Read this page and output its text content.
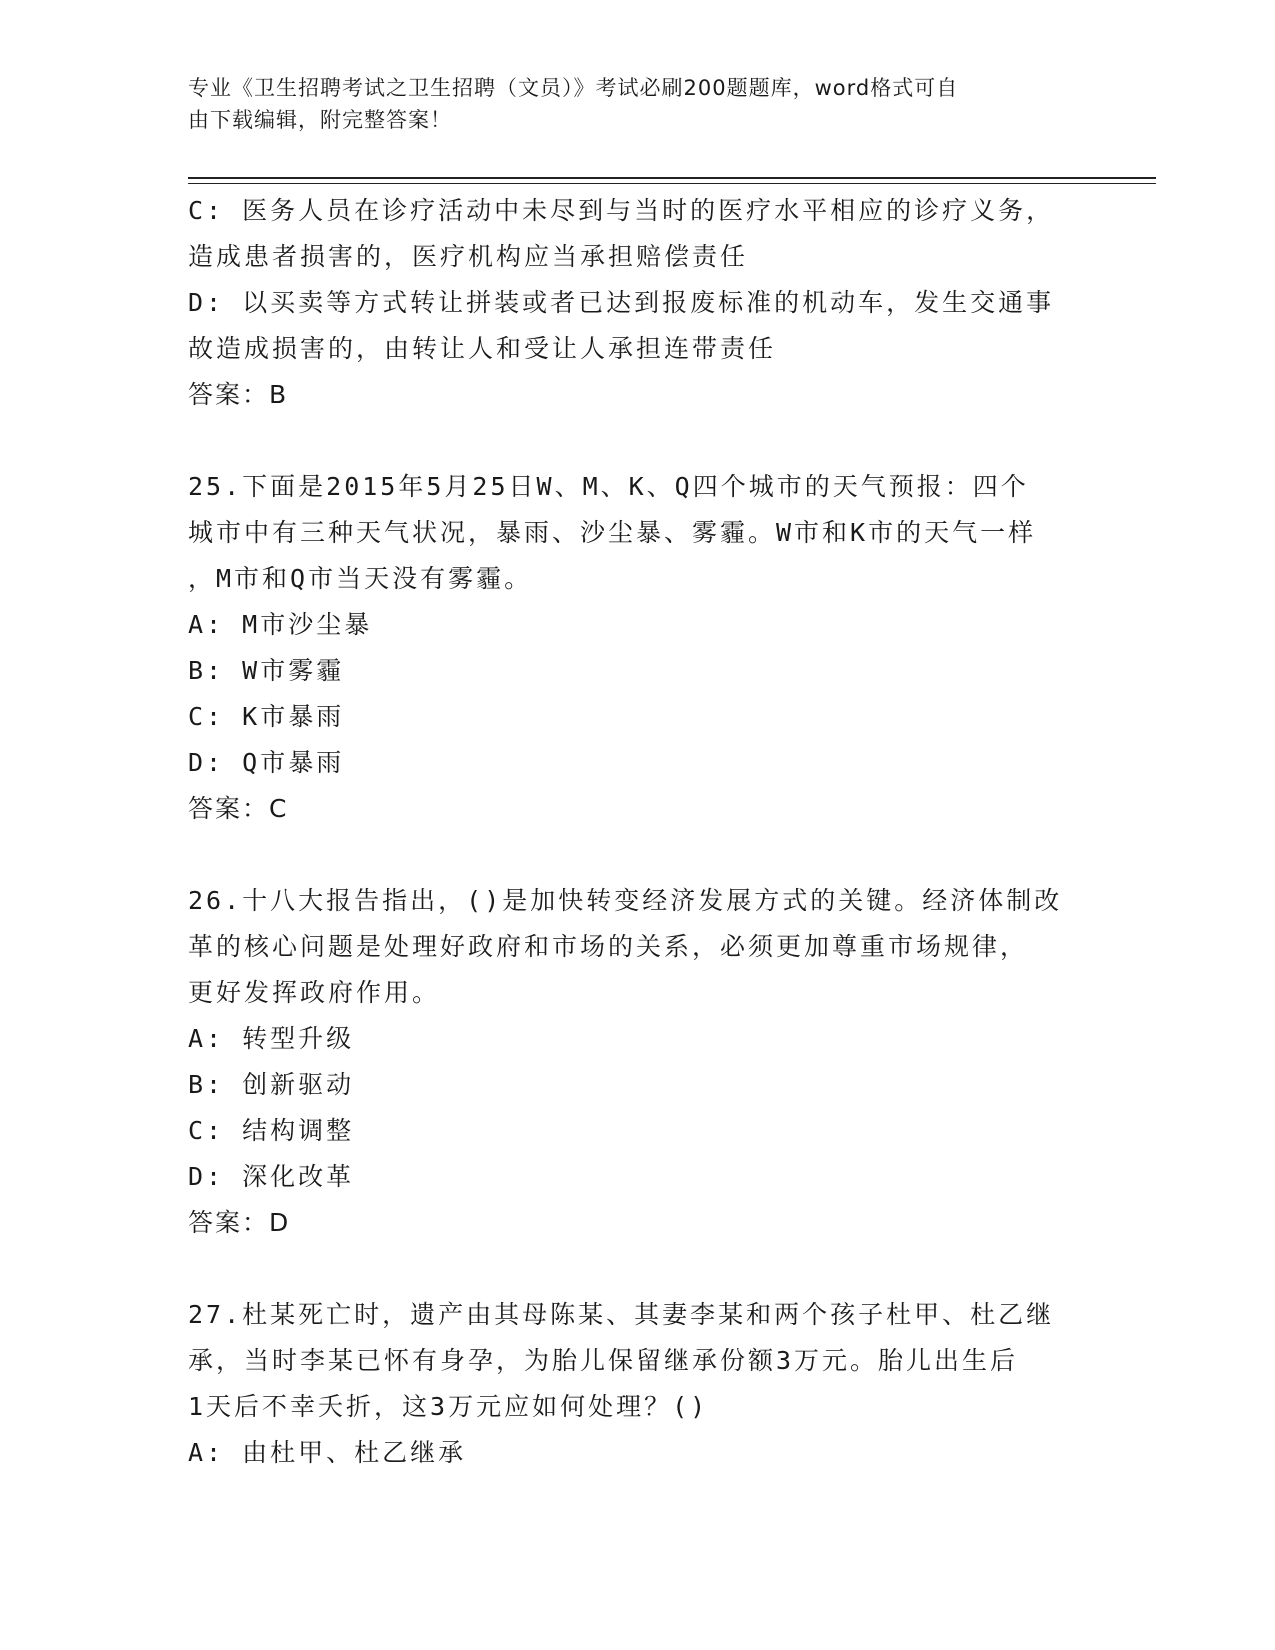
专业《卫生招聘考试之卫生招聘（文员）》考试必刷200题题库，word格式可自
由下载编辑，附完整答案！
C: 医务人员在诊疗活动中未尽到与当时的医疗水平相应的诊疗义务，
造成患者损害的，医疗机构应当承担赔偿责任
D: 以买卖等方式转让拼装或者已达到报废标准的机动车，发生交通事
故造成损害的，由转让人和受让人承担连带责任
答案：B
25.下面是2015年5月25日W、M、K、Q四个城市的天气预报：四个
城市中有三种天气状况，暴雨、沙尘暴、雾霾。W市和K市的天气一样
，M市和Q市当天没有雾霾。
A: M市沙尘暴
B: W市雾霾
C: K市暴雨
D: Q市暴雨
答案：C
26.十八大报告指出，()是加快转变经济发展方式的关键。经济体制改
革的核心问题是处理好政府和市场的关系，必须更加尊重市场规律，
更好发挥政府作用。
A: 转型升级
B: 创新驱动
C: 结构调整
D: 深化改革
答案：D
27.杜某死亡时，遗产由其母陈某、其妻李某和两个孩子杜甲、杜乙继
承，当时李某已怀有身孕，为胎儿保留继承份额3万元。胎儿出生后
1天后不幸夭折，这3万元应如何处理？()
A: 由杜甲、杜乙继承
